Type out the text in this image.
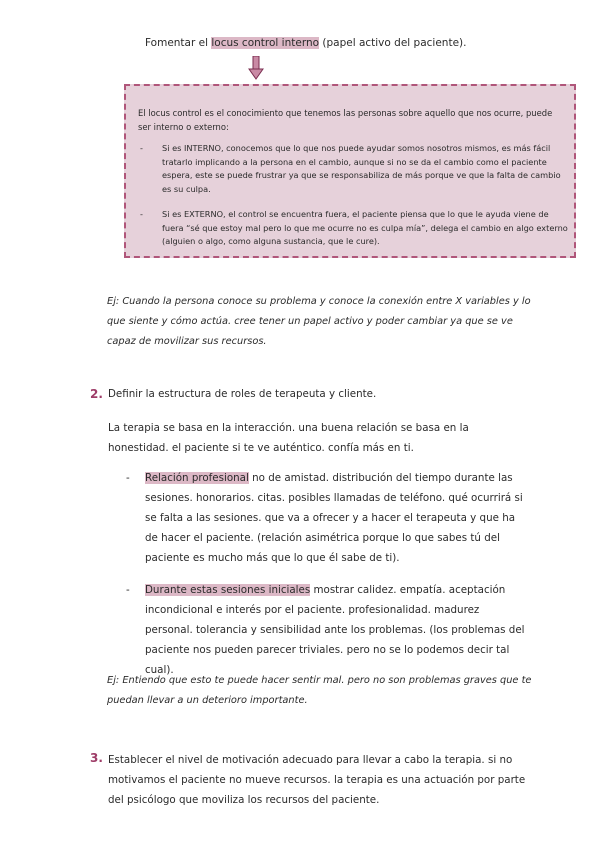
Fomentar el locus control interno (papel activo del paciente).
El locus control es el conocimiento que tenemos las personas sobre aquello que nos ocurre, puede ser interno o externo:
- Si es INTERNO, conocemos que lo que nos puede ayudar somos nosotros mismos, es más fácil tratarlo implicando a la persona en el cambio, aunque si no se da el cambio como el paciente espera, este se puede frustrar ya que se responsabiliza de más porque ve que la falta de cambio es su culpa.
- Si es EXTERNO, el control se encuentra fuera, el paciente piensa que lo que le ayuda viene de fuera “sé que estoy mal pero lo que me ocurre no es culpa mía”, delega el cambio en algo externo (alguien o algo, como alguna sustancia, que le cure).
Ej: Cuando la persona conoce su problema y conoce la conexión entre X variables y lo que siente y cómo actúa. cree tener un papel activo y poder cambiar ya que se ve capaz de movilizar sus recursos.
2. Definir la estructura de roles de terapeuta y cliente.
La terapia se basa en la interacción. una buena relación se basa en la honestidad. el paciente si te ve auténtico. confía más en ti.
- Relación profesional no de amistad. distribución del tiempo durante las sesiones. honorarios. citas. posibles llamadas de teléfono. qué ocurrirá si se falta a las sesiones. que va a ofrecer y a hacer el terapeuta y que ha de hacer el paciente. (relación asimétrica porque lo que sabes tú del paciente es mucho más que lo que él sabe de ti).
- Durante estas sesiones iniciales mostrar calidez. empatía. aceptación incondicional e interés por el paciente. profesionalidad. madurez personal. tolerancia y sensibilidad ante los problemas. (los problemas del paciente nos pueden parecer triviales. pero no se lo podemos decir tal cual).
Ej: Entiendo que esto te puede hacer sentir mal. pero no son problemas graves que te puedan llevar a un deterioro importante.
3. Establecer el nivel de motivación adecuado para llevar a cabo la terapia. si no motivamos el paciente no mueve recursos. la terapia es una actuación por parte del psicólogo que moviliza los recursos del paciente.
